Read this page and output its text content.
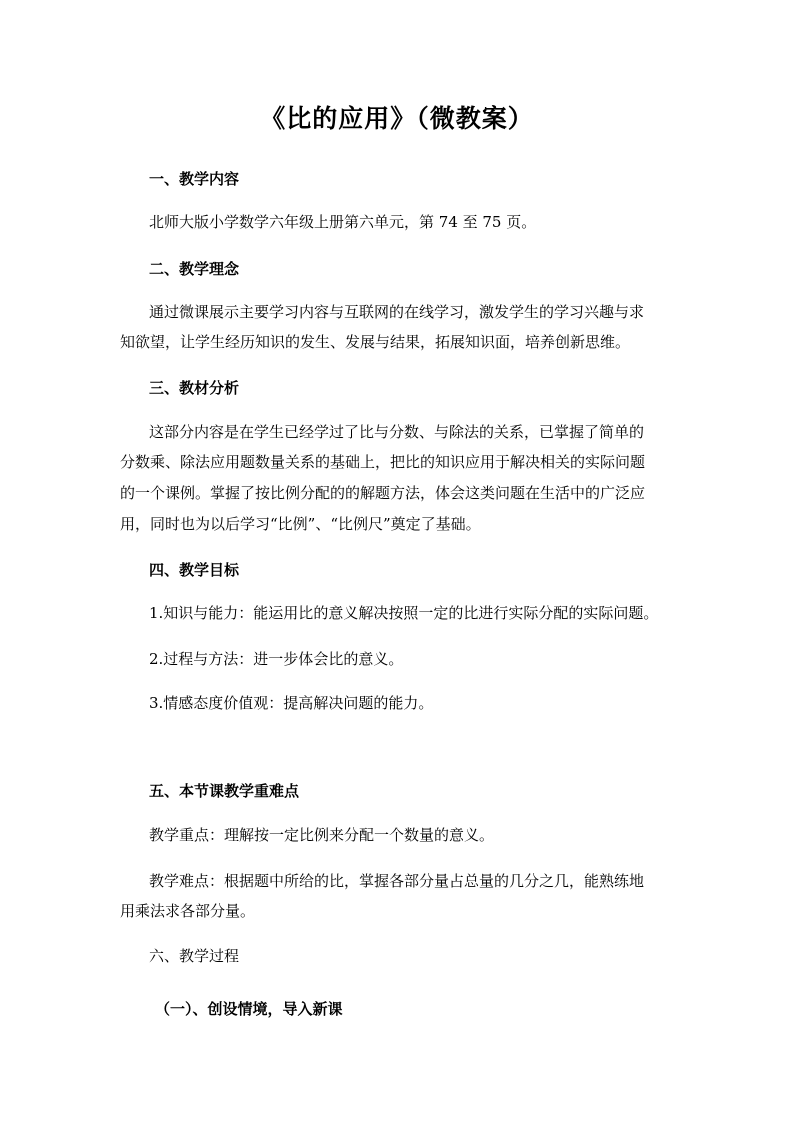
《比的应用》（微教案）
一、教学内容
北师大版小学数学六年级上册第六单元，第 74 至 75 页。
二、教学理念
通过微课展示主要学习内容与互联网的在线学习，激发学生的学习兴趣与求
知欲望，让学生经历知识的发生、发展与结果，拓展知识面，培养创新思维。
三、教材分析
这部分内容是在学生已经学过了比与分数、与除法的关系，已掌握了简单的
分数乘、除法应用题数量关系的基础上，把比的知识应用于解决相关的实际问题
的一个课例。掌握了按比例分配的的解题方法，体会这类问题在生活中的广泛应
用，同时也为以后学习“比例”、“比例尺”奠定了基础。
四、教学目标
1.知识与能力：能运用比的意义解决按照一定的比进行实际分配的实际问题。
2.过程与方法：进一步体会比的意义。
3.情感态度价值观：提高解决问题的能力。
五、本节课教学重难点
教学重点：理解按一定比例来分配一个数量的意义。
教学难点：根据题中所给的比，掌握各部分量占总量的几分之几，能熟练地
用乘法求各部分量。
六、教学过程
（一）、创设情境，导入新课
